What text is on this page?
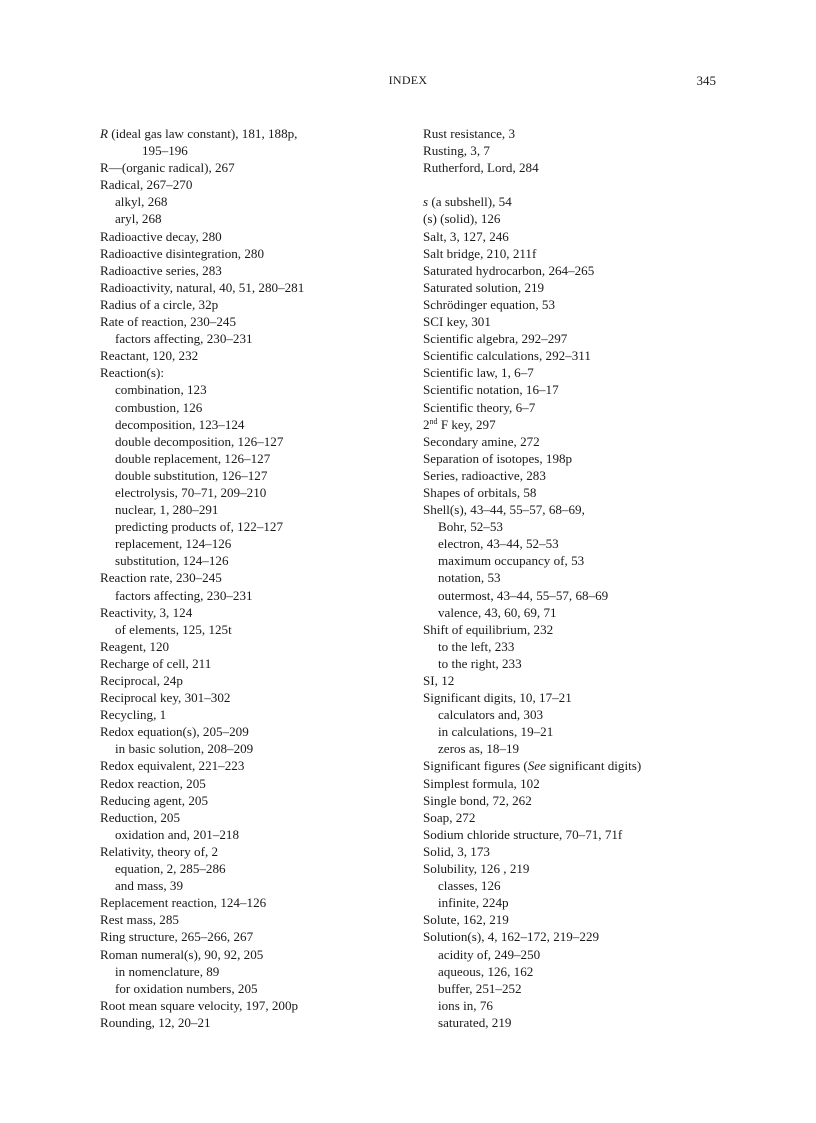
INDEX	345
R (ideal gas law constant), 181, 188p,
195–196
R—(organic radical), 267
Radical, 267–270
alkyl, 268
aryl, 268
Radioactive decay, 280
Radioactive disintegration, 280
Radioactive series, 283
Radioactivity, natural, 40, 51, 280–281
Radius of a circle, 32p
Rate of reaction, 230–245
factors affecting, 230–231
Reactant, 120, 232
Reaction(s):
combination, 123
combustion, 126
decomposition, 123–124
double decomposition, 126–127
double replacement, 126–127
double substitution, 126–127
electrolysis, 70–71, 209–210
nuclear, 1, 280–291
predicting products of, 122–127
replacement, 124–126
substitution, 124–126
Reaction rate, 230–245
factors affecting, 230–231
Reactivity, 3, 124
of elements, 125, 125t
Reagent, 120
Recharge of cell, 211
Reciprocal, 24p
Reciprocal key, 301–302
Recycling, 1
Redox equation(s), 205–209
in basic solution, 208–209
Redox equivalent, 221–223
Redox reaction, 205
Reducing agent, 205
Reduction, 205
oxidation and, 201–218
Relativity, theory of, 2
equation, 2, 285–286
and mass, 39
Replacement reaction, 124–126
Rest mass, 285
Ring structure, 265–266, 267
Roman numeral(s), 90, 92, 205
in nomenclature, 89
for oxidation numbers, 205
Root mean square velocity, 197, 200p
Rounding, 12, 20–21
Rust resistance, 3
Rusting, 3, 7
Rutherford, Lord, 284
s (a subshell), 54
(s) (solid), 126
Salt, 3, 127, 246
Salt bridge, 210, 211f
Saturated hydrocarbon, 264–265
Saturated solution, 219
Schrödinger equation, 53
SCI key, 301
Scientific algebra, 292–297
Scientific calculations, 292–311
Scientific law, 1, 6–7
Scientific notation, 16–17
Scientific theory, 6–7
2nd F key, 297
Secondary amine, 272
Separation of isotopes, 198p
Series, radioactive, 283
Shapes of orbitals, 58
Shell(s), 43–44, 55–57, 68–69,
Bohr, 52–53
electron, 43–44, 52–53
maximum occupancy of, 53
notation, 53
outermost, 43–44, 55–57, 68–69
valence, 43, 60, 69, 71
Shift of equilibrium, 232
to the left, 233
to the right, 233
SI, 12
Significant digits, 10, 17–21
calculators and, 303
in calculations, 19–21
zeros as, 18–19
Significant figures (See significant digits)
Simplest formula, 102
Single bond, 72, 262
Soap, 272
Sodium chloride structure, 70–71, 71f
Solid, 3, 173
Solubility, 126 , 219
classes, 126
infinite, 224p
Solute, 162, 219
Solution(s), 4, 162–172, 219–229
acidity of, 249–250
aqueous, 126, 162
buffer, 251–252
ions in, 76
saturated, 219
